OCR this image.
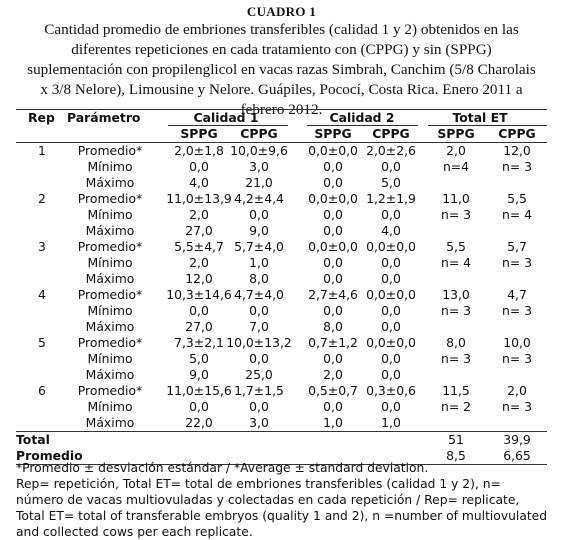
CUADRO 1
Cantidad promedio de embriones transferibles (calidad 1 y 2) obtenidos en las diferentes repeticiones en cada tratamiento con (CPPG) y sin (SPPG) suplementación con propilenglicol en vacas razas Simbrah, Canchim (5/8 Charolais x 3/8 Nelore), Limousine y Nelore. Guápiles, Pococí, Costa Rica. Enero 2011 a febrero 2012.
Rep Parámetro	Calidad 1	Calidad 2	Total ET
SPPG CPPG	SPPG CPPG SPPG CPPG
1	Promedio*	2,0±1,8 10,0±9,6 0,0±0,0 2,0±2,6 2,0	12,0
Mínimo	0,0	3,0	0,0	0,0	n=4	n= 3
Máximo	4,0	21,0	0,0	5,0
2	Promedio* 11,0±13,9 4,2±4,4 0,0±0,0 1,2±1,9 11,0	5,5
Mínimo	2,0	0,0	0,0	0,0	n= 3 n= 4
Máximo	27,0	9,0	0,0	4,0
3	Promedio*	5,5±4,7 5,7±4,0 0,0±0,0 0,0±0,0 5,5	5,7
Mínimo	2,0	1,0	0,0	0,0	n= 4 n= 3
Máximo	12,0	8,0	0,0	0,0
4	Promedio* 10,3±14,6 4,7±4,0 2,7±4,6 0,0±0,0 13,0	4,7
Mínimo	0,0	0,0	0,0	0,0	n= 3 n= 3
Máximo	27,0	7,0	8,0	0,0
5	Promedio*	7,3±2,1 10,0±13,2 0,7±1,2 0,0±0,0 8,0	10,0
Mínimo	5,0	0,0	0,0	0,0	n= 3 n= 3
Máximo	9,0	25,0	2,0	0,0
6	Promedio* 11,0±15,6 1,7±1,5 0,5±0,7 0,3±0,6 11,5	2,0
Mínimo	0,0	0,0	0,0	0,0	n= 2 n= 3
Máximo	22,0	3,0	1,0	1,0
Total	51	39,9
Promedio	8,5	6,65

*Promedio ± desviación estándar / *Average ± standard deviation.

Rep= repetición, Total ET= total de embriones transferibles (calidad 1 y 2), n= número de vacas multiovuladas y colectadas en cada repetición / Rep= replicate, Total ET= total of transferable embryos (quality 1 and 2), n =number of multiovulated and collected cows per each replicate.
